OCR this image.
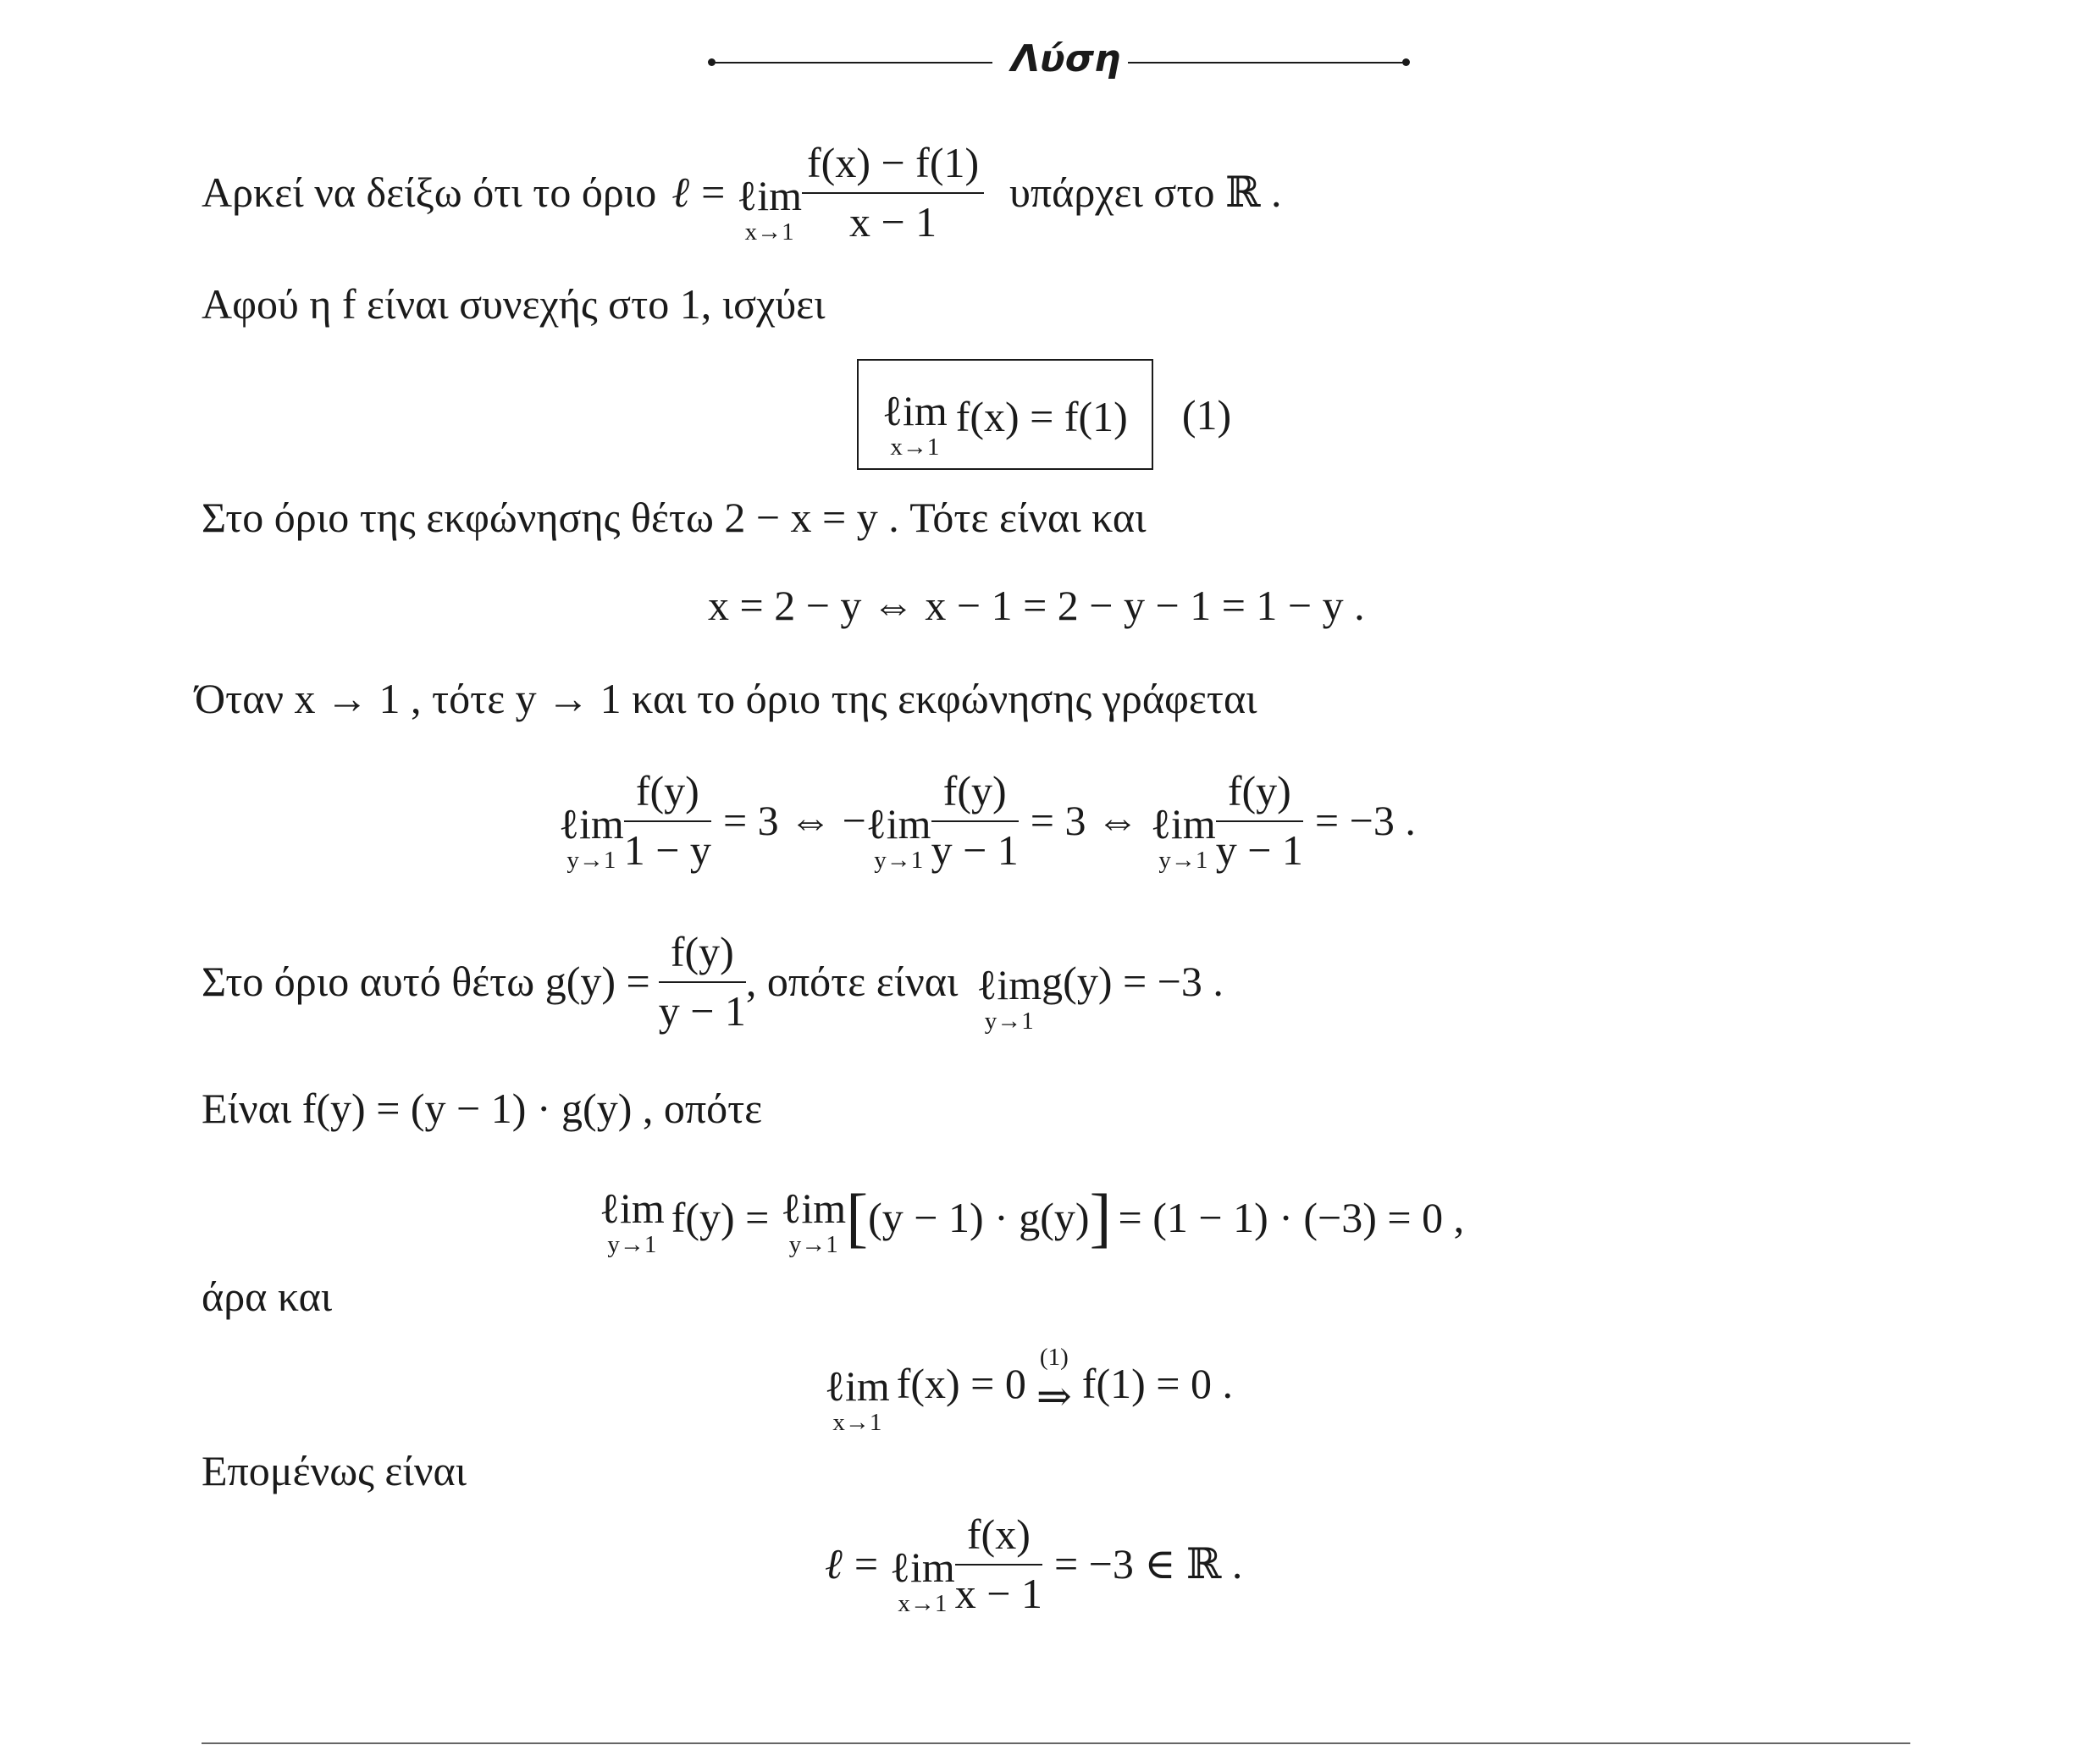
Λύση
Αρκεί να δείξω ότι το όριο ℓ = ℓim
$x\to 1 \frac{f(x) - f(1)}{x - 1}$ υπάρχει στο ℝ .
Αφού η f είναι συνεχής στο 1, ισχύει
ℓim
x→1
f(x) = f(1) (1)
Στο όριο της εκφώνησης θέτω 2 − x = y . Τότε είναι και
x = 2 − y ⇔ x − 1 = 2 − y − 1 = 1 − y .
Όταν x → 1 , τότε y → 1 και το όριο της εκφώνησης γράφεται
ℓim
$y\to 1 \frac{f(y)}{1 - y} = 3$ ⇔ − ℓim
$y\to 1 \frac{f(y)}{y - 1} = 3$ ⇔ ℓim
$y\to 1 \frac{f(y)}{y - 1} = -3$ .
Στο όριο αυτό θέτω $g(y) = \frac{f(y)}{y - 1}$ , οπότε είναι ℓim
y→1
g(y) = −3 .
Είναι f(y) = (y − 1) · g(y) , οπότε
ℓim
y→1
f(y) = ℓim
y→1 [ (y − 1) · g(y) ] = (1 − 1) · (−3) = 0 ,
άρα και
ℓim
x→1
f(x) = 0
(1)
⇒ f(1) = 0 .
Επομένως είναι
ℓ = ℓim
$x\to 1 \frac{f(x)}{x - 1} = -3$ ∈ ℝ .
